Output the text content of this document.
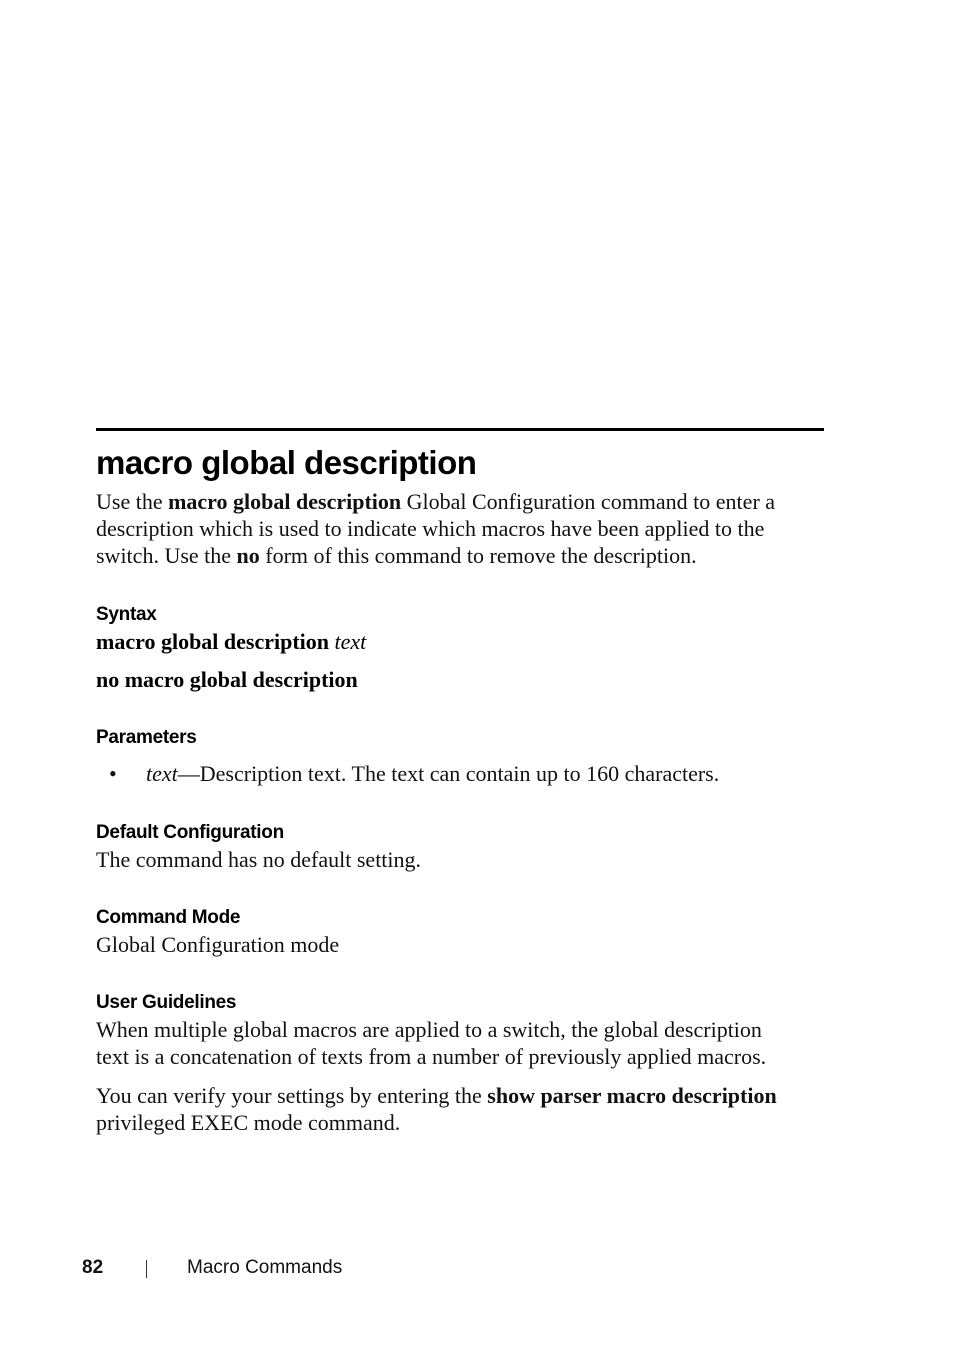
macro global description
Use the macro global description Global Configuration command to enter a
description which is used to indicate which macros have been applied to the
switch. Use the no form of this command to remove the description.
Syntax
macro global description text
no macro global description
Parameters
• text—Description text. The text can contain up to 160 characters.
Default Configuration
The command has no default setting.
Command Mode
Global Configuration mode
User Guidelines
When multiple global macros are applied to a switch, the global description
text is a concatenation of texts from a number of previously applied macros.
You can verify your settings by entering the show parser macro description
privileged EXEC mode command.
82	Macro Commands
